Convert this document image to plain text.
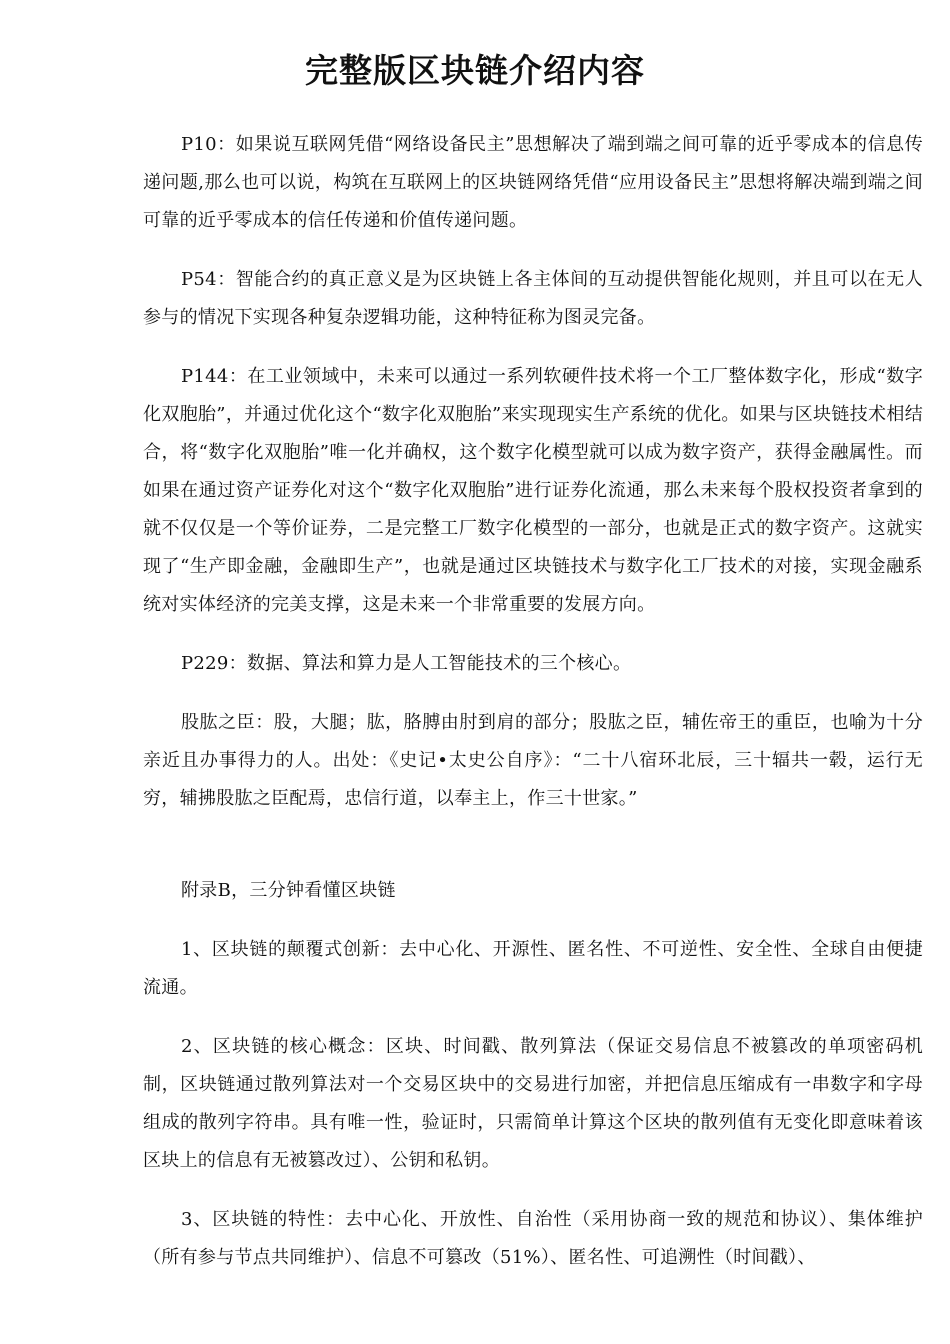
完整版区块链介绍内容

P10：如果说互联网凭借“网络设备民主”思想解决了端到端之间可靠的近乎零成本的信息传递问题,那么也可以说，构筑在互联网上的区块链网络凭借“应用设备民主”思想将解决端到端之间可靠的近乎零成本的信任传递和价值传递问题。

P54：智能合约的真正意义是为区块链上各主体间的互动提供智能化规则，并且可以在无人参与的情况下实现各种复杂逻辑功能，这种特征称为图灵完备。

P144：在工业领域中，未来可以通过一系列软硬件技术将一个工厂整体数字化，形成“数字化双胞胎”，并通过优化这个“数字化双胞胎”来实现现实生产系统的优化。如果与区块链技术相结合，将“数字化双胞胎”唯一化并确权，这个数字化模型就可以成为数字资产，获得金融属性。而如果在通过资产证券化对这个“数字化双胞胎”进行证券化流通，那么未来每个股权投资者拿到的就不仅仅是一个等价证券，二是完整工厂数字化模型的一部分，也就是正式的数字资产。这就实现了“生产即金融，金融即生产”，也就是通过区块链技术与数字化工厂技术的对接，实现金融系统对实体经济的完美支撑，这是未来一个非常重要的发展方向。

P229：数据、算法和算力是人工智能技术的三个核心。

股肱之臣：股，大腿；肱，胳膊由肘到肩的部分；股肱之臣，辅佐帝王的重臣，也喻为十分亲近且办事得力的人。出处：《史记•太史公自序》：“二十八宿环北辰，三十辐共一毂，运行无穷，辅拂股肱之臣配焉，忠信行道，以奉主上，作三十世家。”

附录B，三分钟看懂区块链

1、区块链的颠覆式创新：去中心化、开源性、匿名性、不可逆性、安全性、全球自由便捷流通。

2、区块链的核心概念：区块、时间戳、散列算法（保证交易信息不被篡改的单项密码机制，区块链通过散列算法对一个交易区块中的交易进行加密，并把信息压缩成有一串数字和字母组成的散列字符串。具有唯一性，验证时，只需简单计算这个区块的散列值有无变化即意味着该区块上的信息有无被篡改过）、公钥和私钥。

3、区块链的特性：去中心化、开放性、自治性（采用协商一致的规范和协议）、集体维护（所有参与节点共同维护）、信息不可篡改（51%）、匿名性、可追溯性（时间戳）、
